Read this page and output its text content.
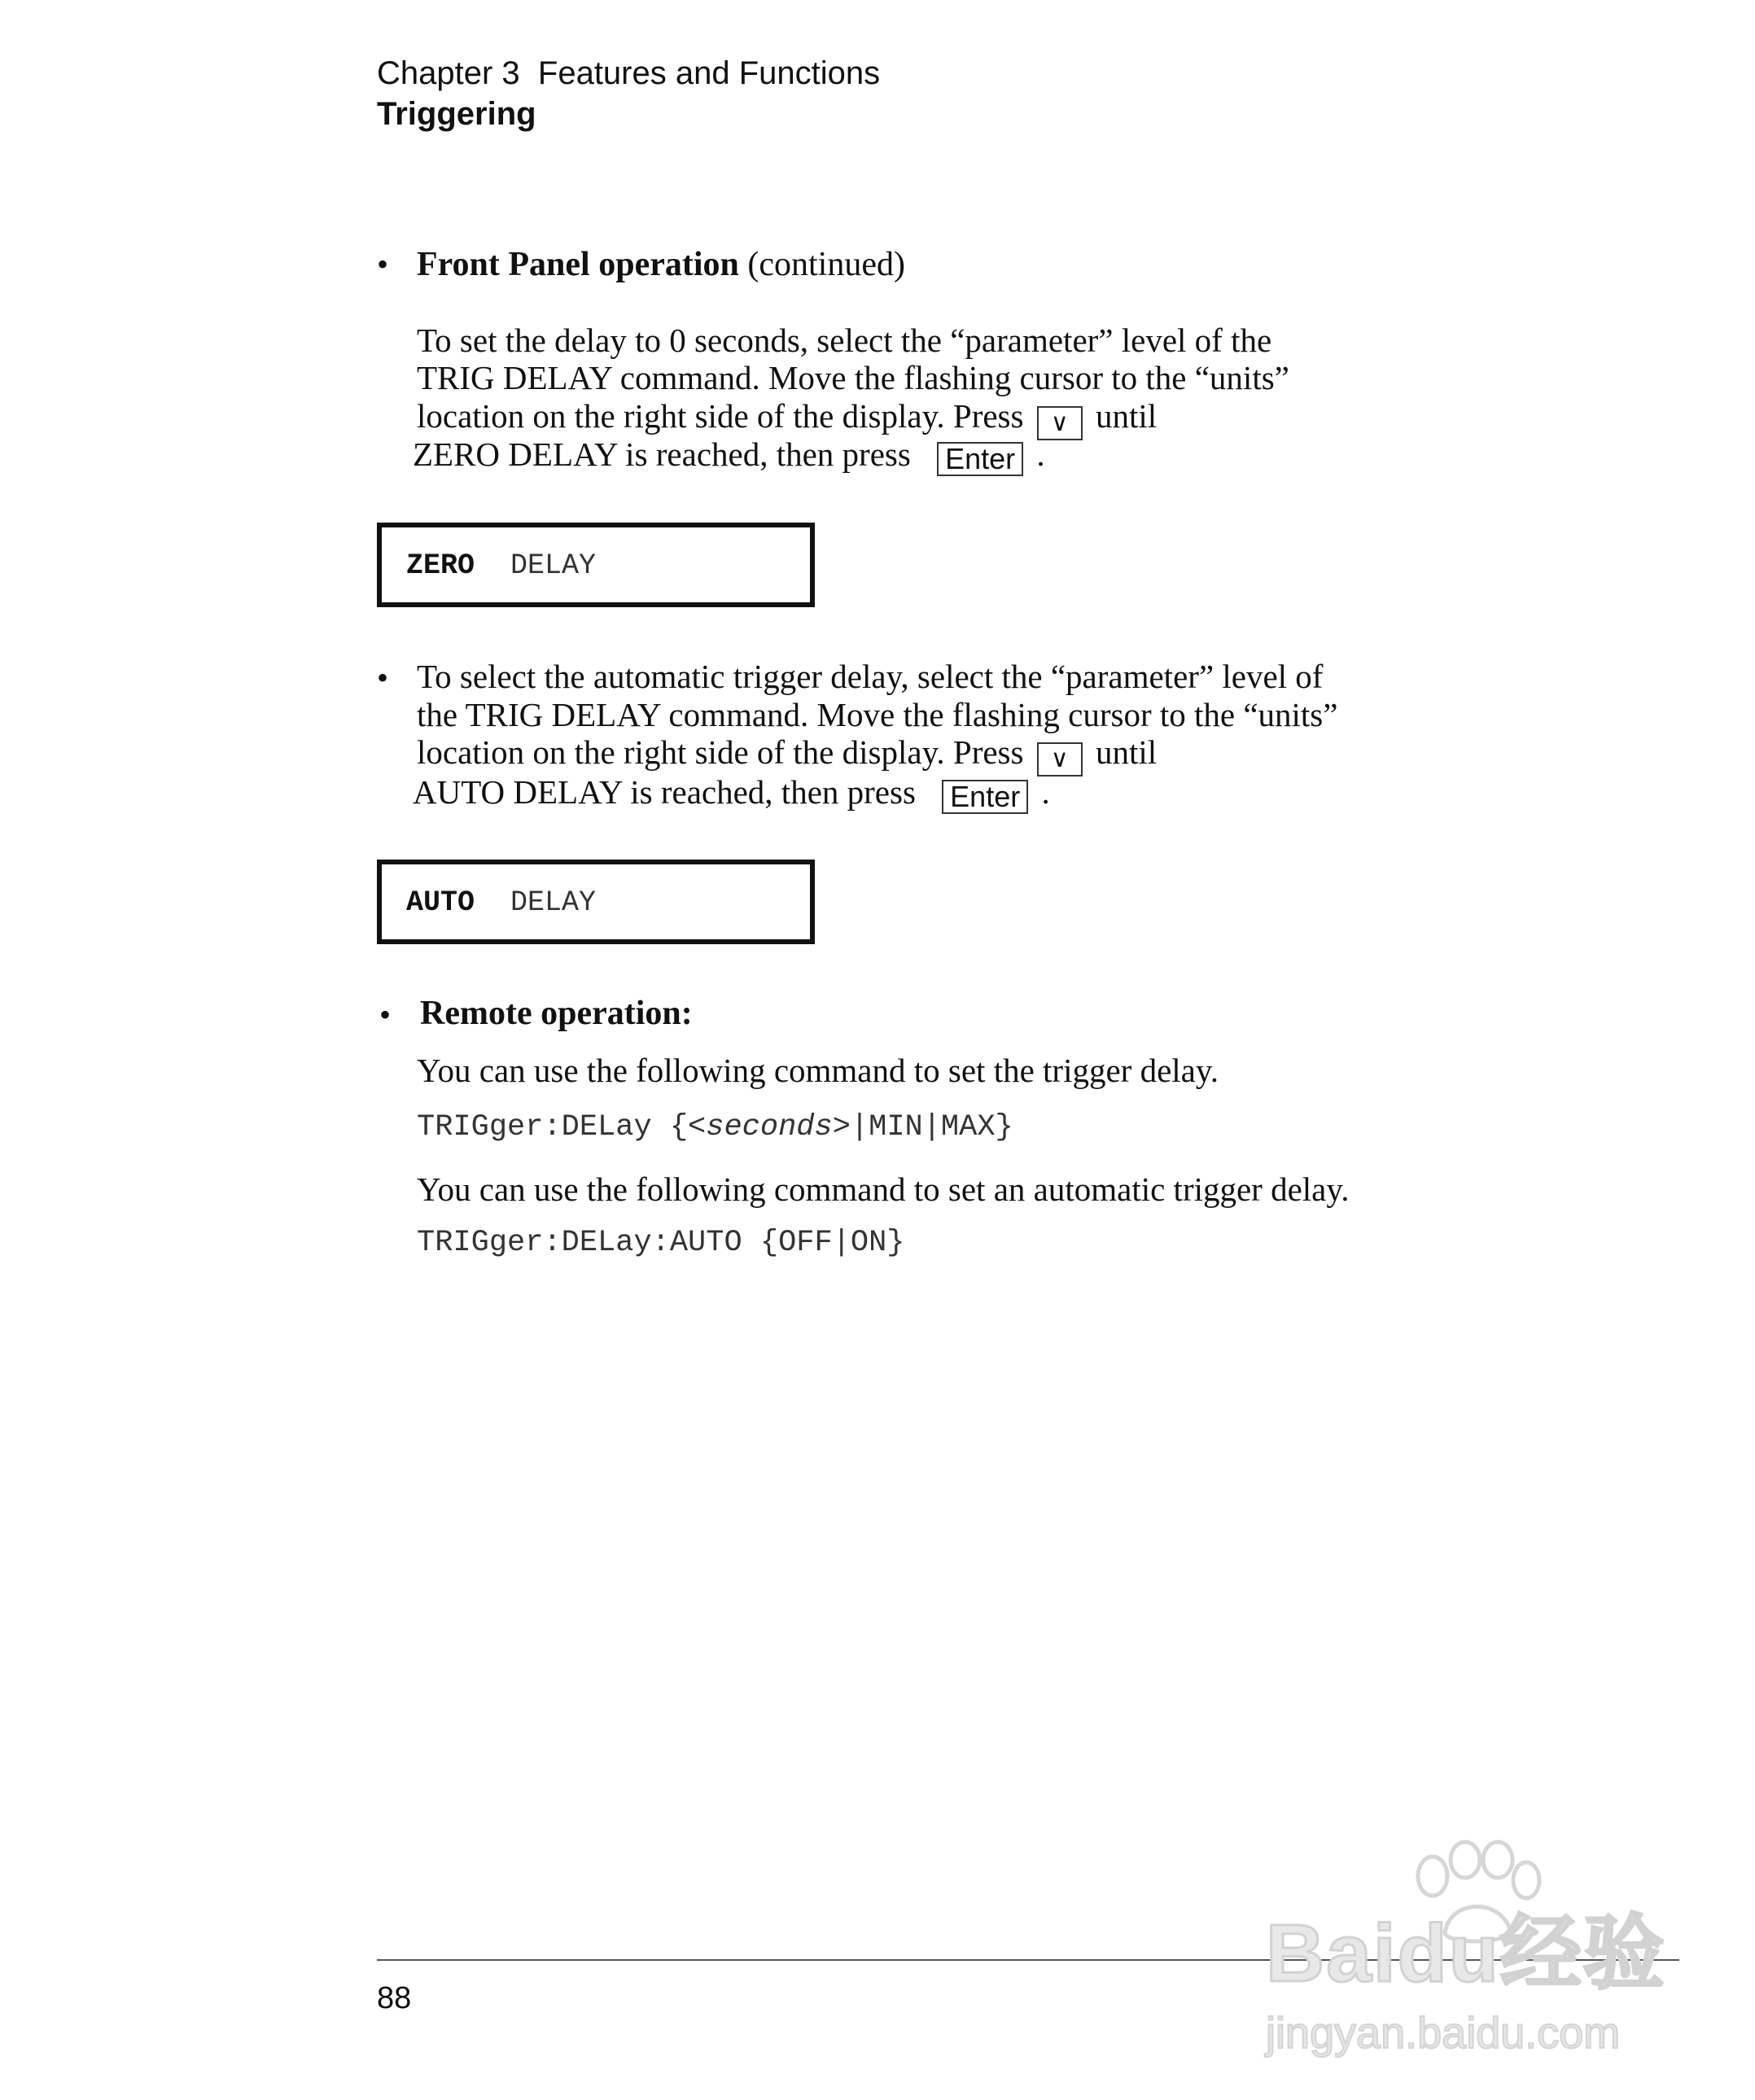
Chapter 3  Features and Functions
Triggering
• Front Panel operation (continued)
To set the delay to 0 seconds, select the “parameter” level of the
TRIG DELAY command. Move the flashing cursor to the “units”
location on the right side of the display. Press ∨ until
ZERO DELAY is reached, then press Enter .
ZERO DELAY
• To select the automatic trigger delay, select the “parameter” level of
the TRIG DELAY command. Move the flashing cursor to the “units”
location on the right side of the display. Press ∨ until
AUTO DELAY is reached, then press Enter .
AUTO DELAY
• Remote operation:
You can use the following command to set the trigger delay.
TRIGger:DELay {<seconds>|MIN|MAX}
You can use the following command to set an automatic trigger delay.
TRIGger:DELay:AUTO {OFF|ON}
88	Baidu经验
jingyan.baidu.com
